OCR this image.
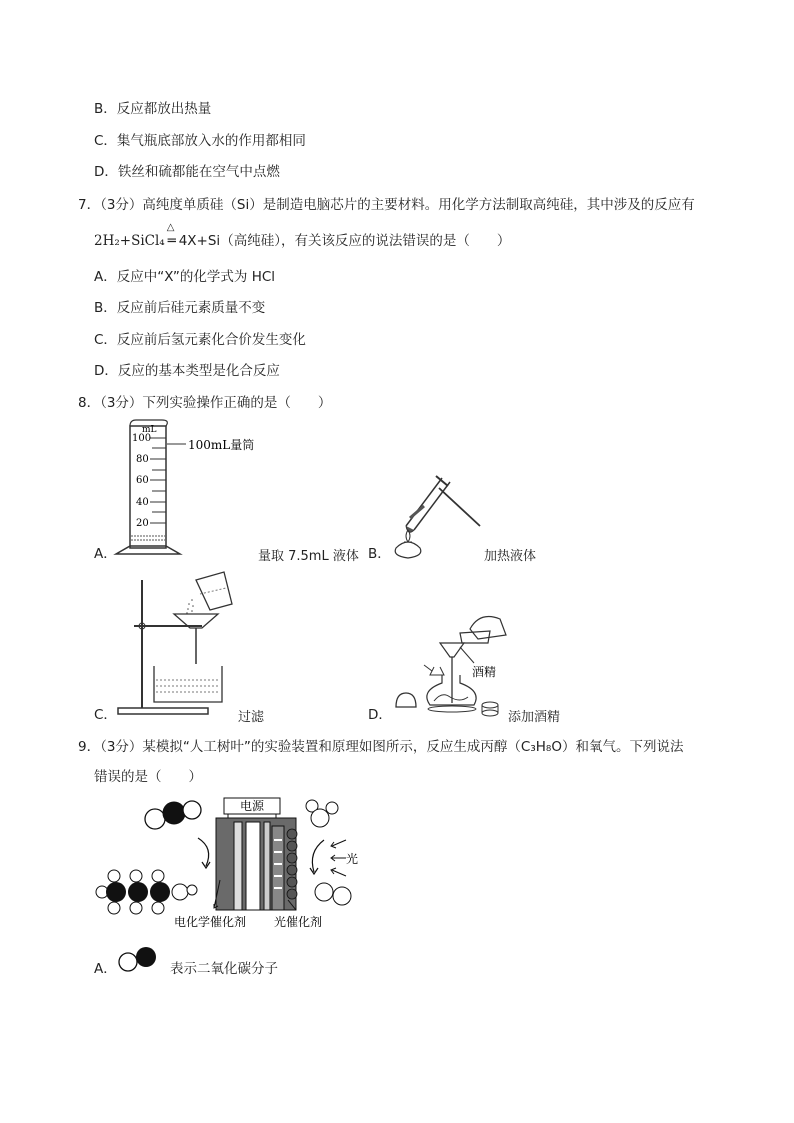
B．反应都放出热量
C．集气瓶底部放入水的作用都相同
D．铁丝和硫都能在空气中点燃
7．（3分）高纯度单质硅（Si）是制造电脑芯片的主要材料。用化学方法制取高纯硅，其中涉及的反应有
2H₂+SiCl₄
△
═ 4X+Si（高纯硅），有关该反应的说法错误的是（　　）
A．反应中“X”的化学式为 HCl
B．反应前后硅元素质量不变
C．反应前后氢元素化合价发生变化
D．反应的基本类型是化合反应
8．（3分）下列实验操作正确的是（　　）
mL
100
80
60
40
20
100mL量筒
A．	量取 7.5mL 液体 B．	加热液体
C．	过滤
酒精
D．	添加酒精
9．（3分）某模拟“人工树叶”的实验装置和原理如图所示，反应生成丙醇（C₃H₈O）和氧气。下列说法
错误的是（　　）
电源
光
电化学催化剂 光催化剂
A．	表示二氧化碳分子
